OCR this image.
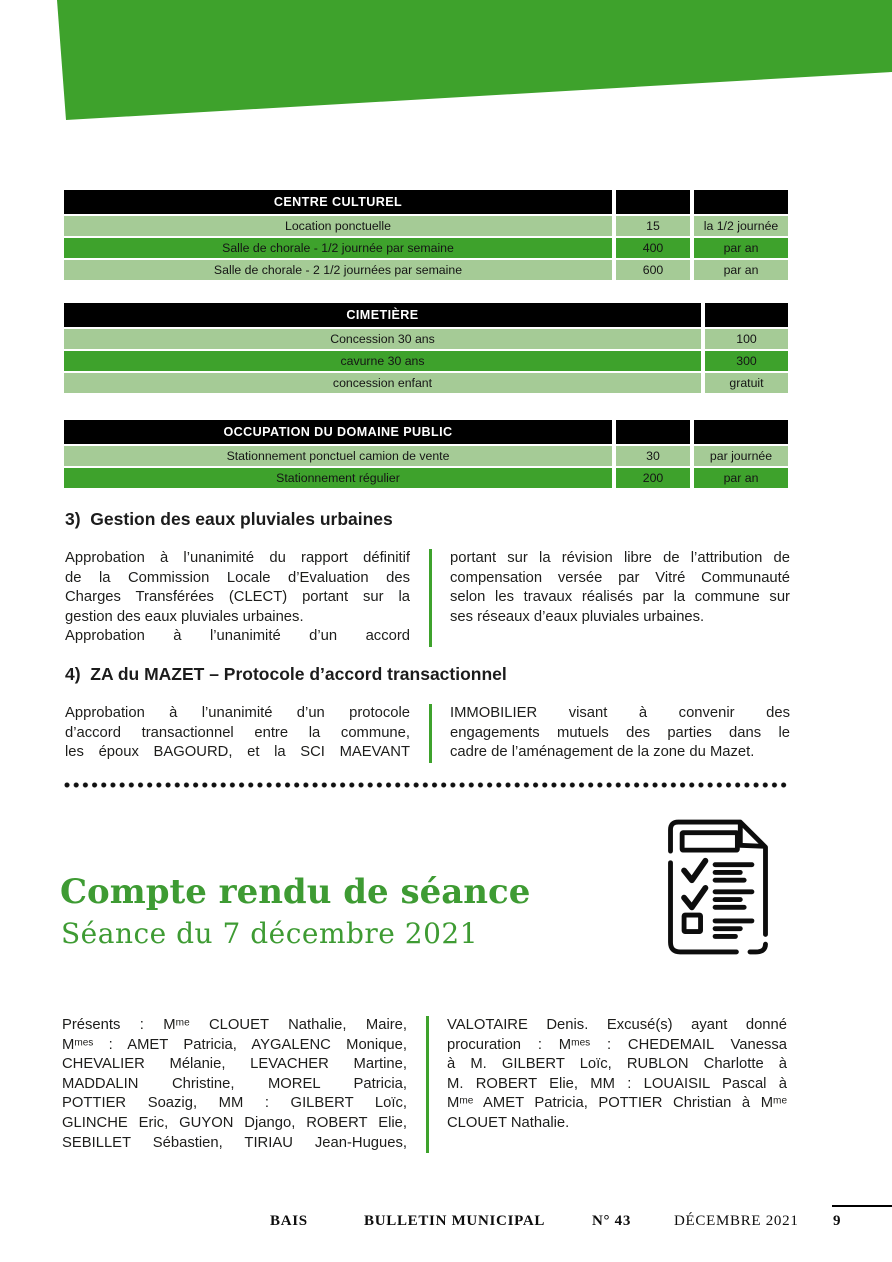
CENTRE CULTUREL
Location ponctuelle	15	la 1/2 journée
Salle de chorale - 1/2 journée par semaine	400	par an
Salle de chorale - 2 1/2 journées par semaine	600	par an
CIMETIÈRE
Concession 30 ans	100
cavurne 30 ans	300
concession enfant	gratuit
OCCUPATION DU DOMAINE PUBLIC
Stationnement ponctuel camion de vente	30	par journée
Stationnement régulier	200	par an
3)  Gestion des eaux pluviales urbaines
Approbation à l’unanimité du rapport définitif
de la Commission Locale d’Evaluation des
Charges Transférées (CLECT) portant sur la
gestion des eaux pluviales urbaines.
Approbation à l’unanimité d’un accord
portant sur la révision libre de l’attribution de
compensation versée par Vitré Communauté
selon les travaux réalisés par la commune sur
ses réseaux d’eaux pluviales urbaines.
4)  ZA du MAZET – Protocole d’accord transactionnel
Approbation à l’unanimité d’un protocole
d’accord transactionnel entre la commune,
les époux BAGOURD, et la SCI MAEVANT
IMMOBILIER visant à convenir des
engagements mutuels des parties dans le
cadre de l’aménagement de la zone du Mazet.
Compte rendu de séance
Séance du 7 décembre 2021
Présents : Mᵐᵉ CLOUET Nathalie, Maire,
Mᵐᵉˢ : AMET Patricia, AYGALENC Monique,
CHEVALIER Mélanie, LEVACHER Martine,
MADDALIN Christine, MOREL Patricia,
POTTIER Soazig, MM : GILBERT Loïc,
GLINCHE Eric, GUYON Django, ROBERT Elie,
SEBILLET Sébastien, TIRIAU Jean-Hugues,
VALOTAIRE Denis. Excusé(s) ayant donné
procuration : Mᵐᵉˢ : CHEDEMAIL Vanessa
à M. GILBERT Loïc, RUBLON Charlotte à
M. ROBERT Elie, MM : LOUAISIL Pascal à
Mᵐᵉ AMET Patricia, POTTIER Christian à Mᵐᵉ
CLOUET Nathalie.
BAIS	BULLETIN MUNICIPAL	N° 43	DÉCEMBRE 2021 9
